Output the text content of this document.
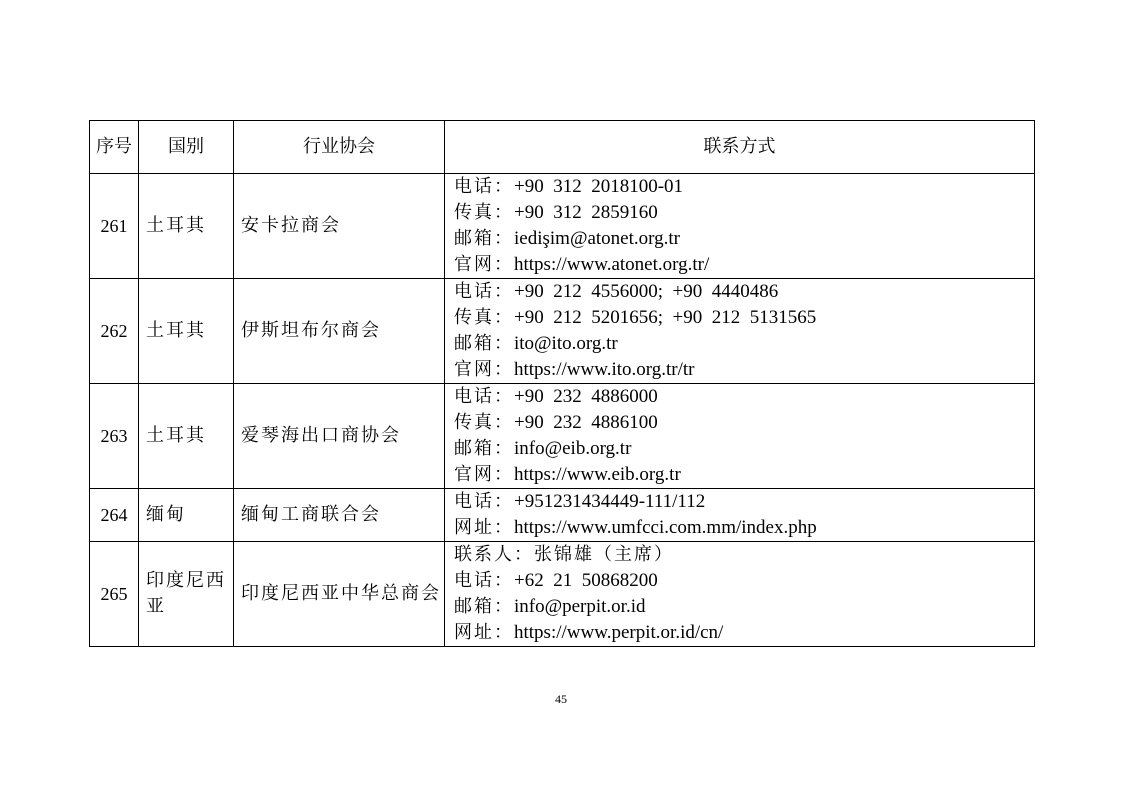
序号	国别	行业协会	联系方式
261	土耳其	安卡拉商会	电话：+90  312  2018100-01
传真：+90  312  2859160
邮箱：iedişim@atonet.org.tr
官网：https://www.atonet.org.tr/

262	土耳其	伊斯坦布尔商会	电话：+90  212  4556000;  +90  4440486
传真：+90  212  5201656;  +90  212  5131565
邮箱：ito@ito.org.tr
官网：https://www.ito.org.tr/tr

263	土耳其	爱琴海出口商协会	电话：+90  232  4886000
传真：+90  232  4886100
邮箱：info@eib.org.tr
官网：https://www.eib.org.tr

264	缅甸	缅甸工商联合会	电话：+951231434449-111/112
网址：https://www.umfcci.com.mm/index.php

265	印度尼西亚	印度尼西亚中华总商会	联系人：张锦雄（主席）
电话：+62  21  50868200
邮箱：info@perpit.or.id
网址：https://www.perpit.or.id/cn/
45
